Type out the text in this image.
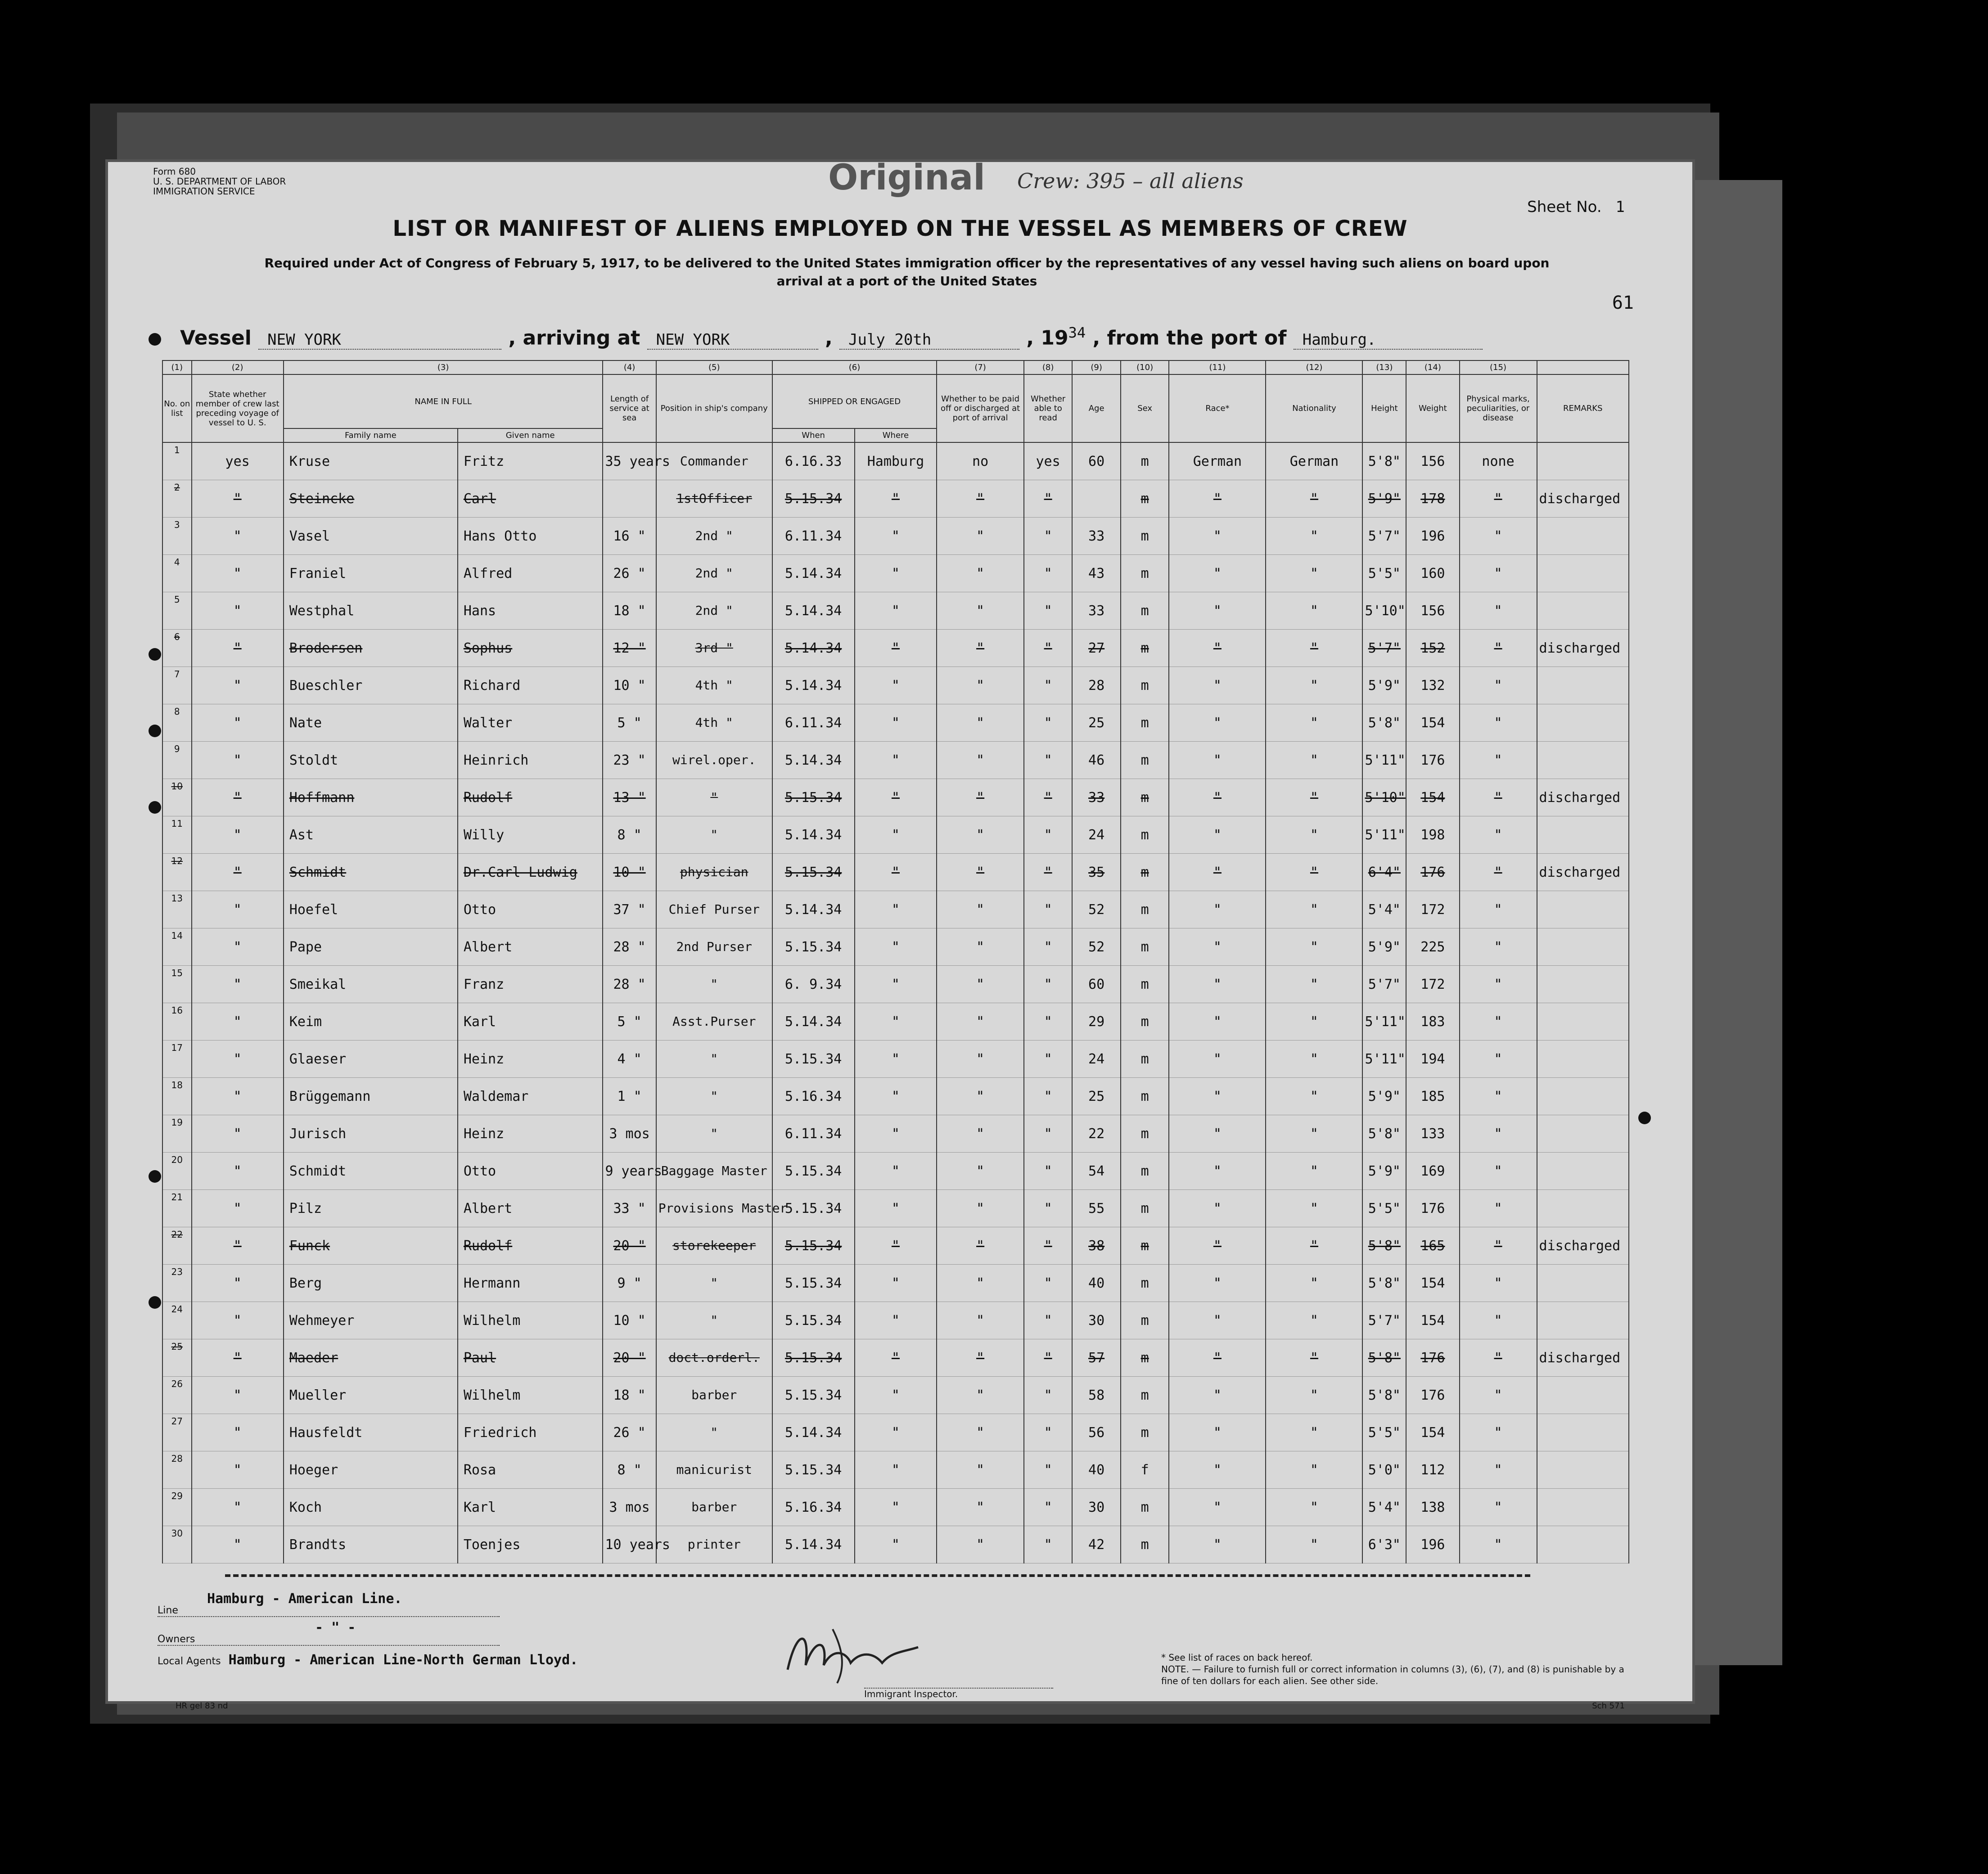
Form 680
U. S. DEPARTMENT OF LABOR
IMMIGRATION SERVICE	Original Crew: 395 – all aliens
Sheet No. 1
LIST OR MANIFEST OF ALIENS EMPLOYED ON THE VESSEL AS MEMBERS OF CREW
Required under Act of Congress of February 5, 1917, to be delivered to the United States immigration officer by the representatives of any vessel having such aliens on board upon arrival at a port of the United States
61
Vessel NEW YORK	, arriving at NEW YORK	, July 20th	, $19^{34}$ , from the port of Hamburg.
(1)	(2)	(3)		(4)	(5)	(6)		(7)	(8)	(9)	(10)	(11)	(12)	(13)	(14)	(15)	
No. on list	State whether member of crew last preceding voyage of vessel to U. S.	NAME IN FULL		Length of service at sea	Position in ship's company	SHIPPED OR ENGAGED		Whether to be paid off or discharged at port of arrival	Whether able to read	Age	Sex	Race*	Nationality	Height	Weight	Physical marks, peculiarities, or disease	REMARKS
		Family name	Given name			When	Where										
1	yes	Kruse	Fritz	35 years	Commander	6.16.33	Hamburg	no	yes	60	m	German	German	5'8"	156	none	
2	"	Steincke	Carl		1stOfficer	5.15.34	"	"	"		m	"	"	5'9"	178	"	discharged
3	"	Vasel	Hans Otto	16 "	2nd "	6.11.34	"	"	"	33	m	"	"	5'7"	196	"	
4	"	Franiel	Alfred	26 "	2nd "	5.14.34	"	"	"	43	m	"	"	5'5"	160	"	
5	"	Westphal	Hans	18 "	2nd "	5.14.34	"	"	"	33	m	"	"	5'10"	156	"	
6	"	Brodersen	Sophus	12 "	3rd "	5.14.34	"	"	"	27	m	"	"	5'7"	152	"	discharged
7	"	Bueschler	Richard	10 "	4th "	5.14.34	"	"	"	28	m	"	"	5'9"	132	"	
8	"	Nate	Walter	5 "	4th "	6.11.34	"	"	"	25	m	"	"	5'8"	154	"	
9	"	Stoldt	Heinrich	23 "	wirel.oper.	5.14.34	"	"	"	46	m	"	"	5'11"	176	"	
10	"	Hoffmann	Rudolf	13 "	"	5.15.34	"	"	"	33	m	"	"	5'10"	154	"	discharged
11	"	Ast	Willy	8 "	"	5.14.34	"	"	"	24	m	"	"	5'11"	198	"	
12	"	Schmidt	Dr.Carl Ludwig	10 "	physician	5.15.34	"	"	"	35	m	"	"	6'4"	176	"	discharged
13	"	Hoefel	Otto	37 "	Chief Purser	5.14.34	"	"	"	52	m	"	"	5'4"	172	"	
14	"	Pape	Albert	28 "	2nd Purser	5.15.34	"	"	"	52	m	"	"	5'9"	225	"	
15	"	Smeikal	Franz	28 "	"	6. 9.34	"	"	"	60	m	"	"	5'7"	172	"	
16	"	Keim	Karl	5 "	Asst.Purser	5.14.34	"	"	"	29	m	"	"	5'11"	183	"	
17	"	Glaeser	Heinz	4 "	"	5.15.34	"	"	"	24	m	"	"	5'11"	194	"	
18	"	Brüggemann	Waldemar	1 "	"	5.16.34	"	"	"	25	m	"	"	5'9"	185	"	
19	"	Jurisch	Heinz	3 mos	"	6.11.34	"	"	"	22	m	"	"	5'8"	133	"	
20	"	Schmidt	Otto	9 years	Baggage Master	5.15.34	"	"	"	54	m	"	"	5'9"	169	"	
21	"	Pilz	Albert	33 "	Provisions Master	5.15.34	"	"	"	55	m	"	"	5'5"	176	"	
22	"	Funck	Rudolf	20 "	storekeeper	5.15.34	"	"	"	38	m	"	"	5'8"	165	"	discharged
23	"	Berg	Hermann	9 "	"	5.15.34	"	"	"	40	m	"	"	5'8"	154	"	
24	"	Wehmeyer	Wilhelm	10 "	"	5.15.34	"	"	"	30	m	"	"	5'7"	154	"	
25	"	Maeder	Paul	20 "	doct.orderl.	5.15.34	"	"	"	57	m	"	"	5'8"	176	"	discharged
26	"	Mueller	Wilhelm	18 "	barber	5.15.34	"	"	"	58	m	"	"	5'8"	176	"	
27	"	Hausfeldt	Friedrich	26 "	"	5.14.34	"	"	"	56	m	"	"	5'5"	154	"	
28	"	Hoeger	Rosa	8 "	manicurist	5.15.34	"	"	"	40	f	"	"	5'0"	112	"	
29	"	Koch	Karl	3 mos	barber	5.16.34	"	"	"	30	m	"	"	5'4"	138	"	
30	"	Brandts	Toenjes	10 years	printer	5.14.34	"	"	"	42	m	"	"	6'3"	196	"	
Hamburg - American Line.
Line
- " -
Owners
Local Agents Hamburg - American Line-North German Lloyd.
Immigrant Inspector.
* See list of races on back hereof.
NOTE. — Failure to furnish full or correct information in columns (3), (6), (7), and (8) is punishable by a fine of ten dollars for each alien. See other side.
HR gel 83 nd	Sch 571
